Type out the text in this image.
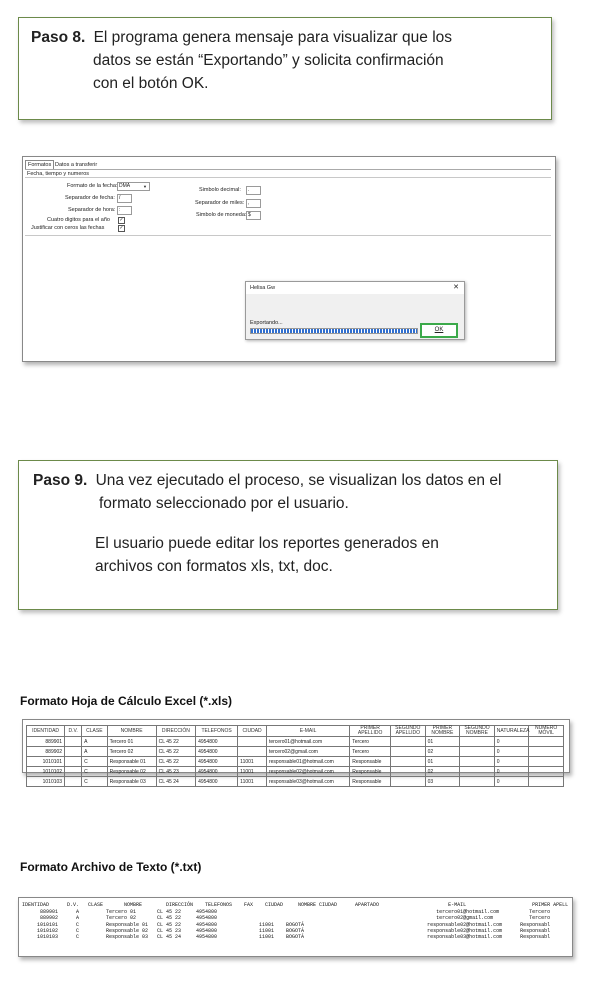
Paso 8. El programa genera mensaje para visualizar que los
datos se están “Exportando” y solicita confirmación
con el botón OK.
Formatos Datos a transferir
Fecha, tiempo y numeros
Formato de la fecha: DMA	▼
Separador de fecha: /
Separador de hora: :
Cuatro digitos para el año ✓
Justificar con ceros las fechas	✓
Simbolo decimal:	.
Separador de miles: ,
Simbolo de moneda: $
Helisa Gw	✕
Exportando...
OK
Paso 9. Una vez ejecutado el proceso, se visualizan los datos en el
formato seleccionado por el usuario.

El usuario puede editar los reportes generados en
archivos con formatos xls, txt, doc.
Formato Hoja de Cálculo Excel (*.xls)
IDENTIDAD	D.V.	CLASE	NOMBRE	DIRECCIÓN	TELEFONOS	CIUDAD	E-MAIL	PRIMER APELLIDO	SEGUNDO APELLIDO	PRIMER NOMBRE	SEGUNDO NOMBRE	NATURALEZA	NUMERO MÓVIL
889901		A	Tercero 01	CL 45 22	4954800		tercero01@hotmail.com	Tercero		01		0	
889902		A	Tercero 02	CL 45 22	4954800		tercero02@gmail.com	Tercero		02		0	
1010101		C	Responsable 01	CL 45 22	4954800	11001	responsable01@hotmail.com	Responsable		01		0	
1010102		C	Responsable 02	CL 45 23	4954800	11001	responsable02@hotmail.com	Responsable		02		0	
1010103		C	Responsable 03	CL 45 24	4954800	11001	responsable03@hotmail.com	Responsable		03		0	
Formato Archivo de Texto (*.txt)
IDENTIDAD      D.V.   CLASE       NOMBRE        DIRECCIÓN    TELEFONOS    FAX    CIUDAD     NOMBRE CIUDAD      APARTADO                       E-MAIL                      PRIMER APELL
889901      A         Tercero 01       CL 45 22     4954800                                                                         tercero01@hotmail.com          Tercero
889902      A         Tercero 02       CL 45 22     4954800                                                                         tercero02@gmail.com            Tercero
1010101      C         Responsable 01   CL 45 22     4954800              11001    BOGOTÁ                                         responsable02@hotmail.com      Responsabl
1010102      C         Responsable 02   CL 45 23     4954800              11001    BOGOTÁ                                         responsable02@hotmail.com      Responsabl
1010103      C         Responsable 03   CL 45 24     4954800              11001    BOGOTÁ                                         responsable03@hotmail.com      Responsabl
